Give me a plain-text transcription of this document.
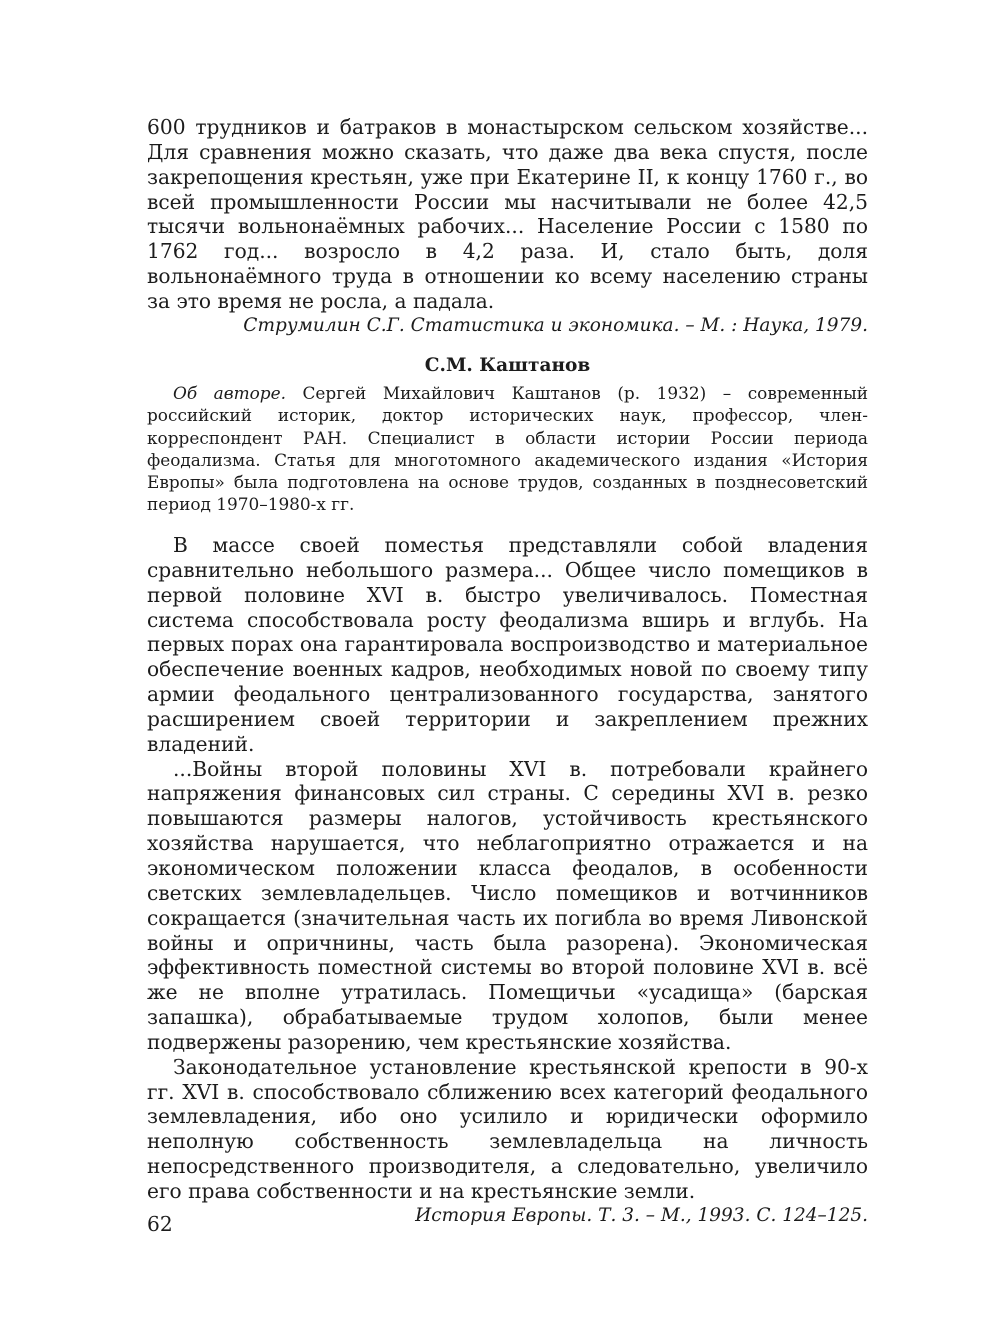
600 трудников и батраков в монастырском сельском хозяйстве... Для сравнения можно сказать, что даже два века спустя, после закрепощения крестьян, уже при Екатерине II, к концу 1760 г., во всей промышленности России мы насчитывали не более 42,5 тысячи вольнонаёмных рабочих... Население России с 1580 по 1762 год... возросло в 4,2 раза. И, стало быть, доля вольнонаёмного труда в отношении ко всему населению страны за это время не росла, а падала.

Струмилин С.Г. Статистика и экономика. – М. : Наука, 1979.

С.М. Каштанов

Об авторе. Сергей Михайлович Каштанов (р. 1932) – современный российский историк, доктор исторических наук, профессор, член-корреспондент РАН. Специалист в области истории России периода феодализма. Статья для многотомного академического издания «История Европы» была подготовлена на основе трудов, созданных в позднесоветский период 1970–1980-х гг.

В массе своей поместья представляли собой владения сравнительно небольшого размера... Общее число помещиков в первой половине XVI в. быстро увеличивалось. Поместная система способствовала росту феодализма вширь и вглубь. На первых порах она гарантировала воспроизводство и материальное обеспечение военных кадров, необходимых новой по своему типу армии феодального централизованного государства, занятого расширением своей территории и закреплением прежних владений.

...Войны второй половины XVI в. потребовали крайнего напряжения финансовых сил страны. С середины XVI в. резко повышаются размеры налогов, устойчивость крестьянского хозяйства нарушается, что неблагоприятно отражается и на экономическом положении класса феодалов, в особенности светских землевладельцев. Число помещиков и вотчинников сокращается (значительная часть их погибла во время Ливонской войны и опричнины, часть была разорена). Экономическая эффективность поместной системы во второй половине XVI в. всё же не вполне утратилась. Помещичьи «усадища» (барская запашка), обрабатываемые трудом холопов, были менее подвержены разорению, чем крестьянские хозяйства.

Законодательное установление крестьянской крепости в 90-х гг. XVI в. способствовало сближению всех категорий феодального землевладения, ибо оно усилило и юридически оформило неполную собственность землевладельца на личность непосредственного производителя, а следовательно, увеличило его права собственности и на крестьянские земли.

История Европы. Т. 3. – М., 1993. С. 124–125.

62
